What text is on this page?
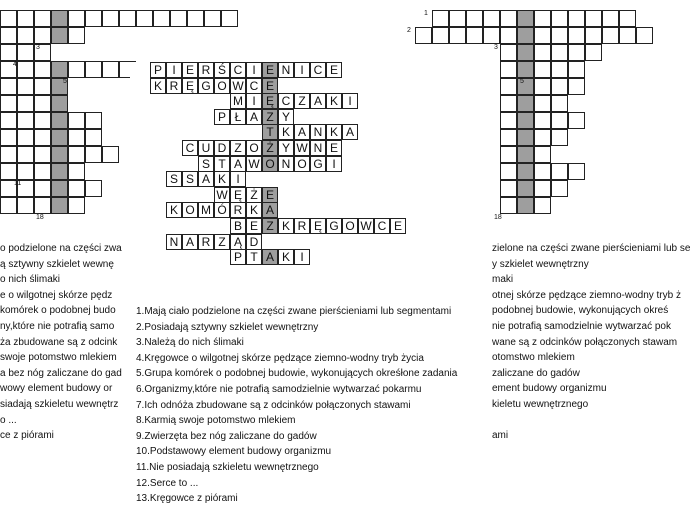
3
4
5
11
18
o podzielone na części zwa
ą sztywny szkielet wewnę
o nich ślimaki
e o wilgotnej skórze pędz
komórek o podobnej budo
ny,które nie potrafią samo
ża zbudowane są z odcink
swoje potomstwo mlekiem
a bez nóg zaliczane do gad
wowy element budowy or
siadają szkieletu wewnętrz
o ...
ce z piórami
1
2
3
5
18
zielone na części zwane pierścieniami lub se
y szkielet wewnętrzny
maki
otnej skórze pędzące ziemno-wodny tryb ż
podobnej budowie, wykonujących okreś
nie potrafią samodzielnie wytwarzać pok
wane są z odcinków połączonych stawam
otomstwo mlekiem
zaliczane do gadów
ement budowy organizmu
kieletu wewnętrznego
ami
P I E R Ś C I E N I C E
K R Ę G O W C E
M I Ę C Z A K I
P Ł A Z Y
T K A N K A
C U D Z O Ż Y W N E
S T A W O N O G I
S S A K I
W Ę Ż E
K O M Ó R K A
B E Z K R Ę G O W C E
N A R Z Ą D
P T A K I
1.Mają ciało podzielone na części zwane pierścieniami lub segmentami
2.Posiadają sztywny szkielet wewnętrzny
3.Należą do nich ślimaki
4.Kręgowce o wilgotnej skórze pędzące ziemno-wodny tryb życia
5.Grupa komórek o podobnej budowie, wykonujących okreśłone zadania
6.Organizmy,które nie potrafią samodzielnie wytwarzać pokarmu
7.Ich odnóża zbudowane są z odcinków połączonych stawami
8.Karmią swoje potomstwo mlekiem
9.Zwierzęta bez nóg zaliczane do gadów
10.Podstawowy element budowy organizmu
11.Nie posiadają szkieletu wewnętrznego
12.Serce to ...
13.Kręgowce z piórami
